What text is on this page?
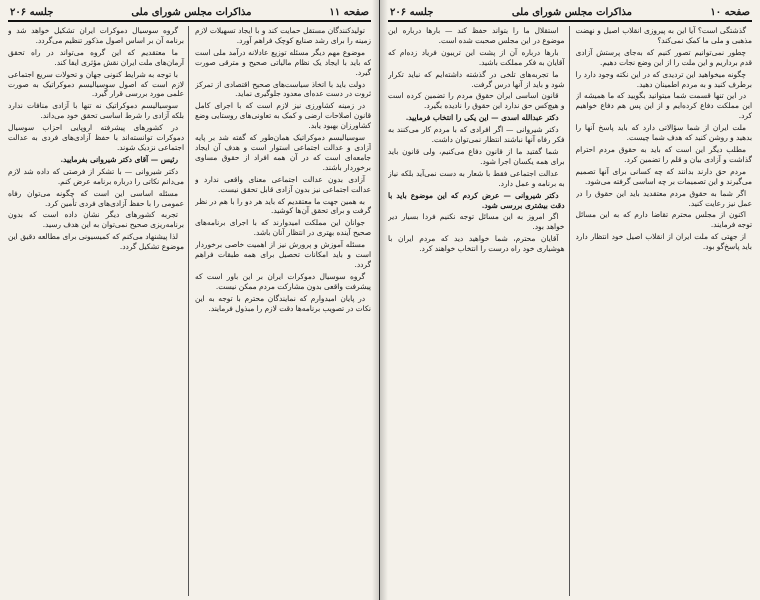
صفحه ۱۱
مذاکرات مجلس شورای ملی
جلسه ۲۰۶

تولیدکنندگان مستقل حمایت کند و با ایجاد تسهیلات لازم زمینه را برای رشد صنایع کوچک فراهم آورد.

موضوع مهم دیگر مسئله توزیع عادلانه درآمد ملی است که باید با ایجاد یک نظام مالیاتی صحیح و مترقی صورت گیرد.

دولت باید با اتخاذ سیاست‌های صحیح اقتصادی از تمرکز ثروت در دست عده‌ای معدود جلوگیری نماید.

در زمینه کشاورزی نیز لازم است که با اجرای کامل قانون اصلاحات ارضی و کمک به تعاونی‌های روستایی وضع کشاورزان بهبود یابد.

سوسیالیسم دموکراتیک همان‌طور که گفته شد بر پایه آزادی و عدالت اجتماعی استوار است و هدف آن ایجاد جامعه‌ای است که در آن همه افراد از حقوق مساوی برخوردار باشند.

آزادی بدون عدالت اجتماعی معنای واقعی ندارد و عدالت اجتماعی نیز بدون آزادی قابل تحقق نیست.

به همین جهت ما معتقدیم که باید هر دو را با هم در نظر گرفت و برای تحقق آن‌ها کوشید.

جوانان این مملکت امیدوارند که با اجرای برنامه‌های صحیح آینده بهتری در انتظار آنان باشد.

مسئله آموزش و پرورش نیز از اهمیت خاصی برخوردار است و باید امکانات تحصیل برای همه طبقات فراهم گردد.

گروه سوسیال دموکرات ایران بر این باور است که پیشرفت واقعی بدون مشارکت مردم ممکن نیست.

در پایان امیدوارم که نمایندگان محترم با توجه به این نکات در تصویب برنامه‌ها دقت لازم را مبذول فرمایند.

گروه سوسیال دموکرات ایران تشکیل خواهد شد و برنامه آن بر اساس اصول مذکور تنظیم می‌گردد.

ما معتقدیم که این گروه می‌تواند در راه تحقق آرمان‌های ملت ایران نقش مؤثری ایفا کند.

با توجه به شرایط کنونی جهان و تحولات سریع اجتماعی لازم است که اصول سوسیالیسم دموکراتیک به صورت علمی مورد بررسی قرار گیرد.

سوسیالیسم دموکراتیک نه تنها با آزادی منافات ندارد بلکه آزادی را شرط اساسی تحقق خود می‌داند.

در کشورهای پیشرفته اروپایی احزاب سوسیال دموکرات توانسته‌اند با حفظ آزادی‌های فردی به عدالت اجتماعی نزدیک شوند.

رئیس — آقای دکتر شیروانی بفرمایید.

دکتر شیروانی — با تشکر از فرصتی که داده شد لازم می‌دانم نکاتی را درباره برنامه عرض کنم.

مسئله اساسی این است که چگونه می‌توان رفاه عمومی را با حفظ آزادی‌های فردی تأمین کرد.

تجربه کشورهای دیگر نشان داده است که بدون برنامه‌ریزی صحیح نمی‌توان به این هدف رسید.

لذا پیشنهاد می‌کنم که کمیسیونی برای مطالعه دقیق این موضوع تشکیل گردد.

صفحه ۱۰
مذاکرات مجلس شورای ملی
جلسه ۲۰۶

گذشتگی است؟ آیا این به پیروزی انقلاب اصیل و نهضت مذهبی و ملی ما کمک نمی‌کند؟

چطور نمی‌توانیم تصور کنیم که به‌جای پرستش آزادی قدم برداریم و این ملت را از این وضع نجات دهیم.

چگونه میخواهید این تردیدی که در این نکته وجود دارد را برطرف کنید و به مردم اطمینان دهید.

در این تنها قسمت شما میتوانید بگویید که ما همیشه از این مملکت دفاع کرده‌ایم و از این پس هم دفاع خواهیم کرد.

ملت ایران از شما سؤالاتی دارد که باید پاسخ آنها را بدهید و روشن کنید که هدف شما چیست.

مطلب دیگر این است که باید به حقوق مردم احترام گذاشت و آزادی بیان و قلم را تضمین کرد.

مردم حق دارند بدانند که چه کسانی برای آنها تصمیم می‌گیرند و این تصمیمات بر چه اساسی گرفته می‌شود.

اگر شما به حقوق مردم معتقدید باید این حقوق را در عمل نیز رعایت کنید.

اکنون از مجلس محترم تقاضا دارم که به این مسائل توجه فرمایند.

از جهتی که ملت ایران از انقلاب اصیل خود انتظار دارد باید پاسخ‌گو بود.

استقلال ما را بتواند حفظ کند — بارها درباره این موضوع در این مجلس صحبت شده است.

بارها درباره آن از پشت این تریبون فریاد زده‌ام که آقایان به فکر مملکت باشید.

ما تجربه‌های تلخی در گذشته داشته‌ایم که نباید تکرار شود و باید از آنها درس گرفت.

قانون اساسی ایران حقوق مردم را تضمین کرده است و هیچ‌کس حق ندارد این حقوق را نادیده بگیرد.

دکتر عبدالله اسدی — این یکی را انتخاب فرمایید.

دکتر شیروانی — اگر افرادی که با مردم کار می‌کنند به فکر رفاه آنها نباشند انتظار نمی‌توان داشت.

شما گفتید ما از قانون دفاع می‌کنیم، ولی قانون باید برای همه یکسان اجرا شود.

عدالت اجتماعی فقط با شعار به دست نمی‌آید بلکه نیاز به برنامه و عمل دارد.

دکتر شیروانی — عرض کردم که این موضوع باید با دقت بیشتری بررسی شود.

اگر امروز به این مسائل توجه نکنیم فردا بسیار دیر خواهد بود.

آقایان محترم، شما خواهید دید که مردم ایران با هوشیاری خود راه درست را انتخاب خواهند کرد.
